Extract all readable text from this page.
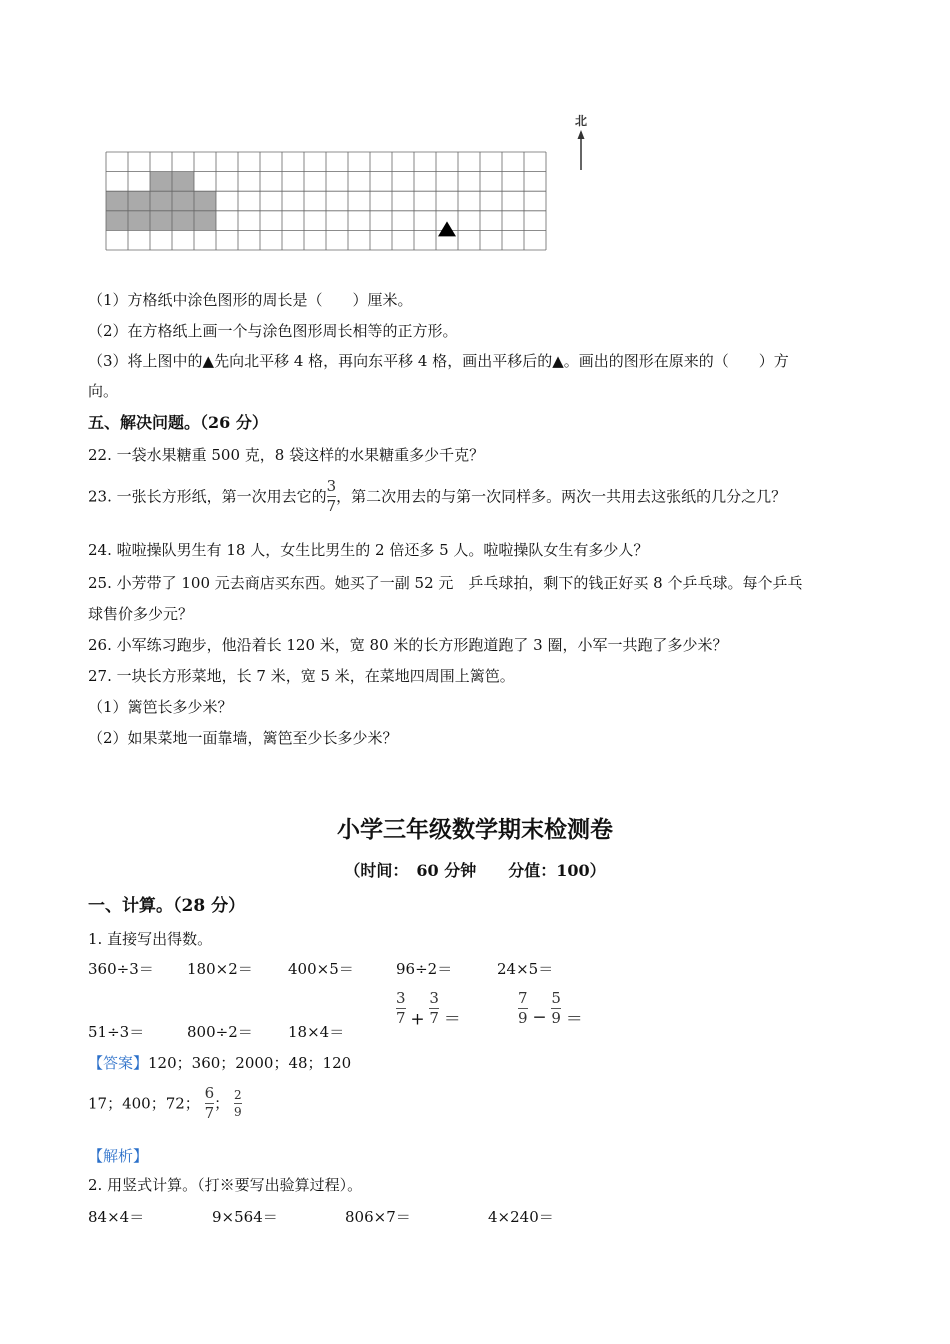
北
（1）方格纸中涂色图形的周长是（　　）厘米。
（2）在方格纸上画一个与涂色图形周长相等的正方形。
（3）将上图中的▲先向北平移 4 格，再向东平移 4 格，画出平移后的▲。画出的图形在原来的（　　）方
向。
五、解决问题。（26 分）
22. 一袋水果糖重 500 克，8 袋这样的水果糖重多少千克？
23. 一张长方形纸，第一次用去它的 $\frac{3}{7}$ ，第二次用去的与第一次同样多。两次一共用去这张纸的几分之几？
24. 啦啦操队男生有 18 人，女生比男生的 2 倍还多 5 人。啦啦操队女生有多少人？
25. 小芳带了 100 元去商店买东西。她买了一副 52 元　乒乓球拍，剩下的钱正好买 8 个乒乓球。每个乒乓
球售价多少元？
26. 小军练习跑步，他沿着长 120 米，宽 80 米的长方形跑道跑了 3 圈，小军一共跑了多少米？
27. 一块长方形菜地，长 7 米，宽 5 米，在菜地四周围上篱笆。
（1）篱笆长多少米？
（2）如果菜地一面靠墙，篱笆至少长多少米？
小学三年级数学期末检测卷
（时间：　60 分钟　　分值：100）
一、计算。（28 分）
1. 直接写出得数。
360÷3＝ 180×2＝ 400×5＝	96÷2＝	24×5＝
51÷3＝	800÷2＝ 18×4＝
$\frac{3}{7} + \frac{3}{7}$ ＝	$\frac{7}{9} - \frac{5}{9}$ ＝
【答案】120；360；2000；48；120
17；400；72； $\frac{6}{7}$ ； $\frac{2}{9}$
【解析】
2. 用竖式计算。（打※要写出验算过程）。
84×4＝	9×564＝	806×7＝	4×240＝
